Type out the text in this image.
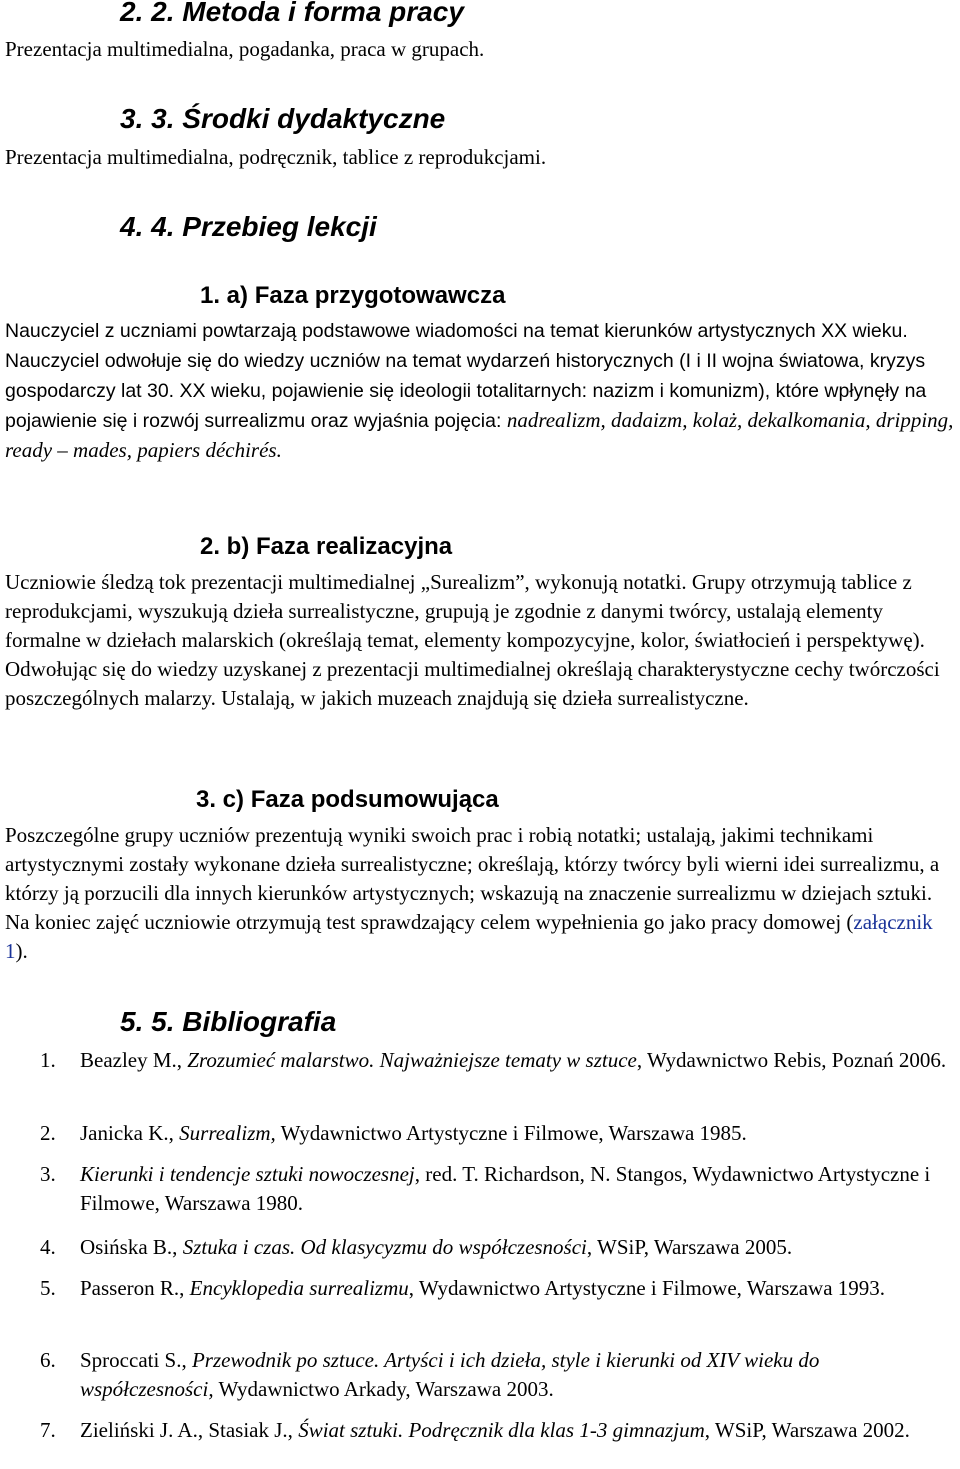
2. 2. Metoda i forma pracy

Prezentacja multimedialna, pogadanka, praca w grupach.

3. 3. Środki dydaktyczne

Prezentacja multimedialna, podręcznik, tablice z reprodukcjami.

4. 4. Przebieg lekcji
1. a) Faza przygotowawcza

Nauczyciel z uczniami powtarzają podstawowe wiadomości na temat kierunków artystycznych XX wieku. Nauczyciel odwołuje się do wiedzy uczniów na temat wydarzeń historycznych (I i II wojna światowa, kryzys gospodarczy lat 30. XX wieku, pojawienie się ideologii totalitarnych: nazizm i komunizm), które wpłynęły na pojawienie się i rozwój surrealizmu oraz wyjaśnia pojęcia: nadrealizm, dadaizm, kolaż, dekalkomania, dripping, ready – mades, papiers déchirés.

2. b) Faza realizacyjna

Uczniowie śledzą tok prezentacji multimedialnej „Surealizm”, wykonują notatki. Grupy otrzymują tablice z reprodukcjami, wyszukują dzieła surrealistyczne, grupują je zgodnie z danymi twórcy, ustalają elementy formalne w dziełach malarskich (określają temat, elementy kompozycyjne, kolor, światłocień i perspektywę). Odwołując się do wiedzy uzyskanej z prezentacji multimedialnej określają charakterystyczne cechy twórczości poszczególnych malarzy. Ustalają, w jakich muzeach znajdują się dzieła surrealistyczne.

3. c) Faza podsumowująca

Poszczególne grupy uczniów prezentują wyniki swoich prac i robią notatki; ustalają, jakimi technikami artystycznymi zostały wykonane dzieła surrealistyczne; określają, którzy twórcy byli wierni idei surrealizmu, a którzy ją porzucili dla innych kierunków artystycznych; wskazują na znaczenie surrealizmu w dziejach sztuki. Na koniec zajęć uczniowie otrzymują test sprawdzający celem wypełnienia go jako pracy domowej (załącznik 1).

5. 5. Bibliografia
1. Beazley M., Zrozumieć malarstwo. Najważniejsze tematy w sztuce, Wydawnictwo Rebis, Poznań 2006.
2. Janicka K., Surrealizm, Wydawnictwo Artystyczne i Filmowe, Warszawa 1985.
3. Kierunki i tendencje sztuki nowoczesnej, red. T. Richardson, N. Stangos, Wydawnictwo Artystyczne i Filmowe, Warszawa 1980.
4. Osińska B., Sztuka i czas. Od klasycyzmu do współczesności, WSiP, Warszawa 2005.
5. Passeron R., Encyklopedia surrealizmu, Wydawnictwo Artystyczne i Filmowe, Warszawa 1993.
6. Sproccati S., Przewodnik po sztuce. Artyści i ich dzieła, style i kierunki od XIV wieku do współczesności, Wydawnictwo Arkady, Warszawa 2003.
7. Zieliński J. A., Stasiak J., Świat sztuki. Podręcznik dla klas 1-3 gimnazjum, WSiP, Warszawa 2002.
